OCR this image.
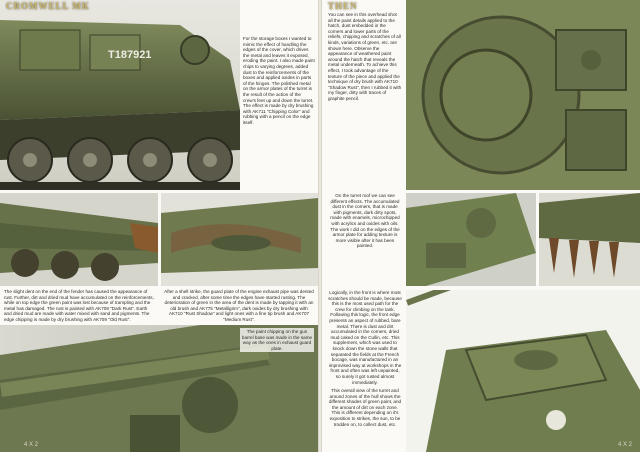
T187921
CROMWELL MK
For the storage boxes I wanted to mimic the effect of handling the edges of the cover, which drives the metal and leaves it exposed, eroding the paint. I also made paint chips to varying degrees, added dust to the reinforcements of the boxes and applied oxides in parts of the hinges. The polished metal on the armor plates of the turret is the result of the action of the crew's feet up and down the turret. The effect is made by dry brushing with AK711 "Chipping Color" and rubbing with a pencil on the edge itself.
The slight dent on the end of the fender has caused the appearance of rust. Further, dirt and dried mud have accumulated on the reinforcements, while on top edge the green paint was lost because of trampling and the metal has damaged. The rust is painted with AK708 "Dark Rust". Earth and dried mud are made with water mixed with sand and pigments. The edge chipping is made by dry brushing with AK709 "Old Rust".
After a shell strike, the guard plate of the engine exhaust pipe was dented and cracked, after some time the edges have started rusting. The deterioration of green in the area of the dent is made by tapping it with an old brush and AK775 "Metalligrim", dark oxides by dry brushing with AK710 "Rust Shadow" and light ones with a fine tip brush and AK707 "Medium Rust".
The paint chipping on the gun barrel base was made in the same way as the ones in exhaust guard plate.
4 X 2
THEN
You can see in this overhead shot all the paint details applied to the hatch, dust embedded in the corners and lower parts of the reliefs, chipping and scratches of all kinds, variations of green, etc. are shown here. Observe the appearance of weathered paint around the hatch that reveals the metal underneath. To achieve this effect, I took advantage of the texture of the piece and applied the technique of dry brush with AK710 "Shadow Rust", then I rubbed it with my finger, dirty with traces of graphite pencil.
On the turret roof we can see different effects. The accumulated dust in the corners, that is made with pigments, dark dirty spots, made with enamels, microchipped with acrylics and oxides with oils. The work I did on the edges of the armor plate for adding texture is more visible after it has been painted.
Logically, in the front is where most scratches should be made, because this is the most used path for the crew for climbing on the tank. Following this logic, the front edge presents an aspect of rubbed, bare metal. There is dust and dirt accumulated in the corners, dried mud caked on the Cullin, etc. This supplement, which was used to knock down the stone walls that separated the fields at the French bocage, was manufactured in an improvised way at workshops in the front and often was left unpainted, so surely it got rusted almost immediately.
This overall view of the turret and around zones of the hull shows the different shades of green paint, and the amount of dirt on each zone. This is different depending on it's exposition to strikes, the sun, to be trodden on, to collect dust, etc.
4 X 2
